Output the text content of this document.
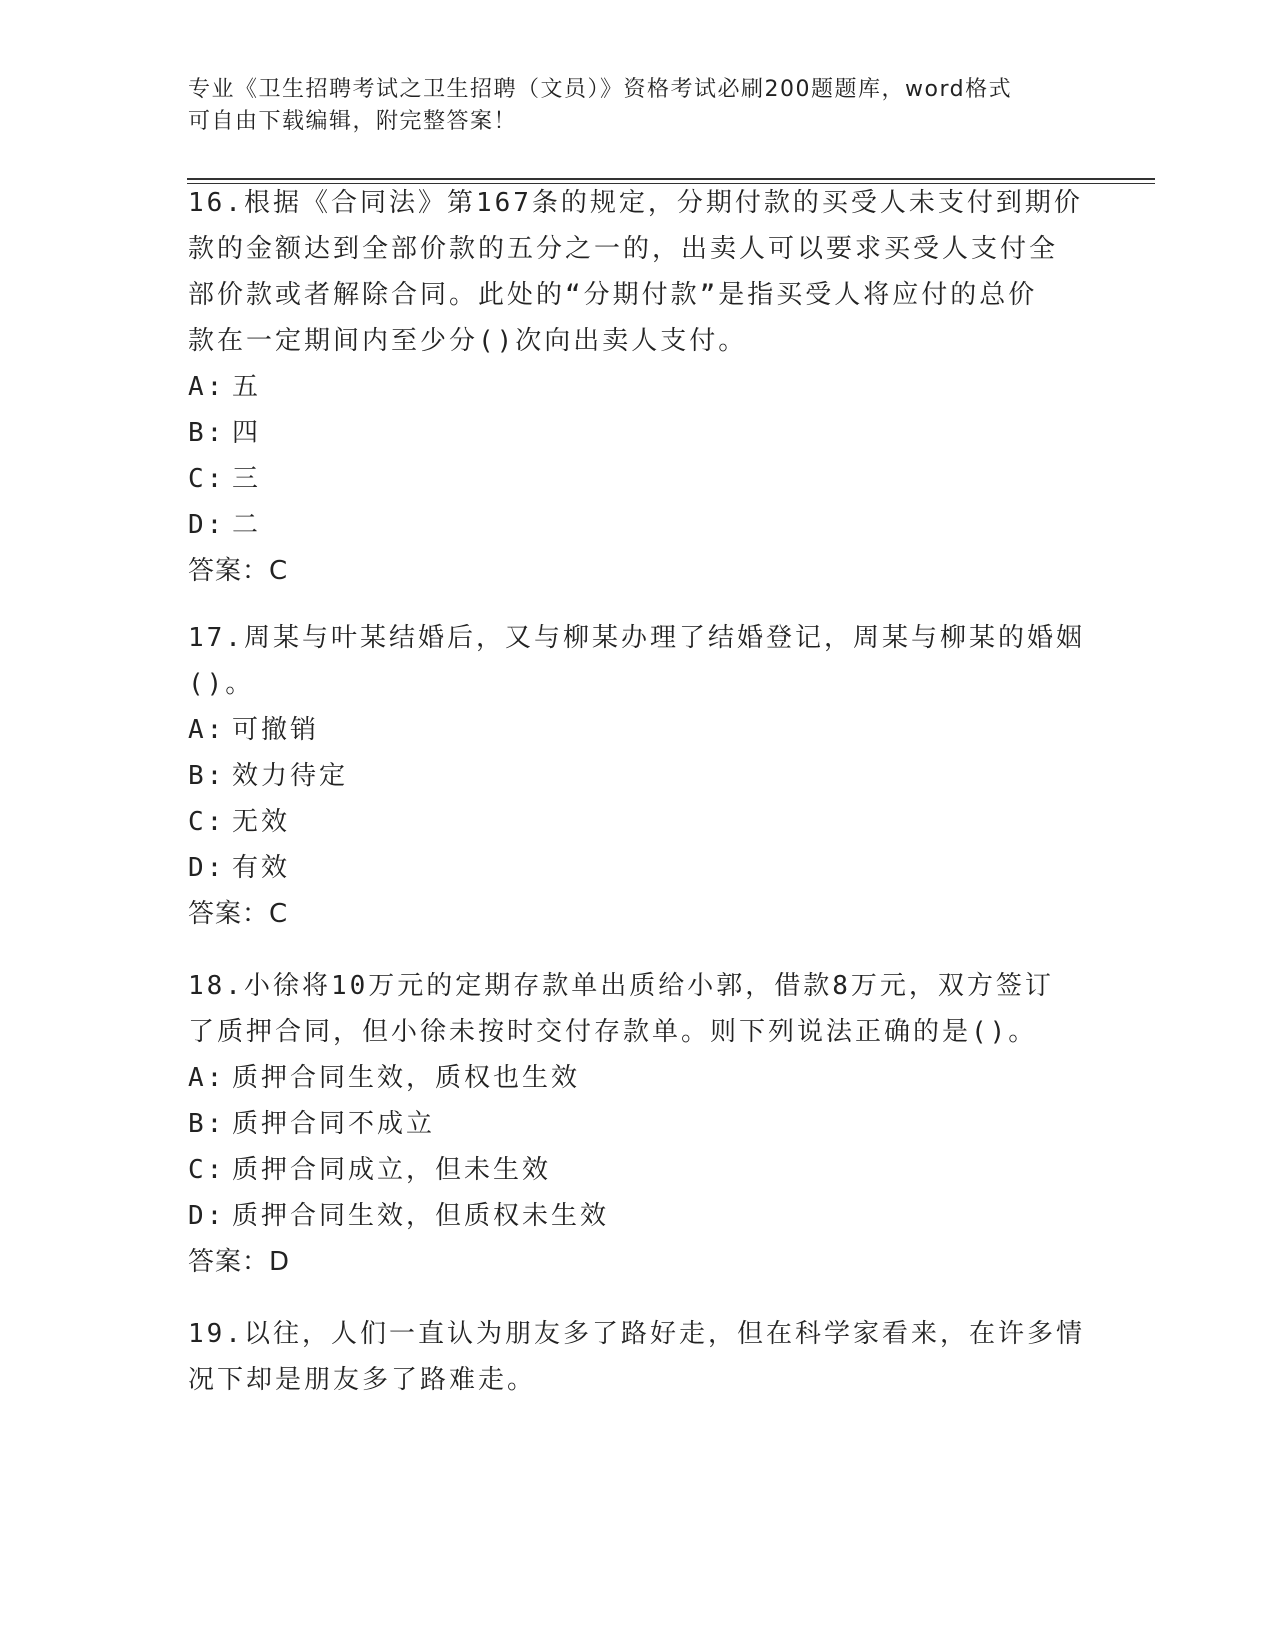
专业《卫生招聘考试之卫生招聘（文员）》资格考试必刷200题题库，word格式
可自由下载编辑，附完整答案！
16.根据《合同法》第167条的规定，分期付款的买受人未支付到期价
款的金额达到全部价款的五分之一的，出卖人可以要求买受人支付全
部价款或者解除合同。此处的“分期付款”是指买受人将应付的总价
款在一定期间内至少分()次向出卖人支付。
A: 五
B: 四
C: 三
D: 二
答案：C
17.周某与叶某结婚后，又与柳某办理了结婚登记，周某与柳某的婚姻
()。
A: 可撤销
B: 效力待定
C: 无效
D: 有效
答案：C
18.小徐将10万元的定期存款单出质给小郭，借款8万元，双方签订
了质押合同，但小徐未按时交付存款单。则下列说法正确的是()。
A: 质押合同生效，质权也生效
B: 质押合同不成立
C: 质押合同成立，但未生效
D: 质押合同生效，但质权未生效
答案：D
19.以往，人们一直认为朋友多了路好走，但在科学家看来，在许多情
况下却是朋友多了路难走。
